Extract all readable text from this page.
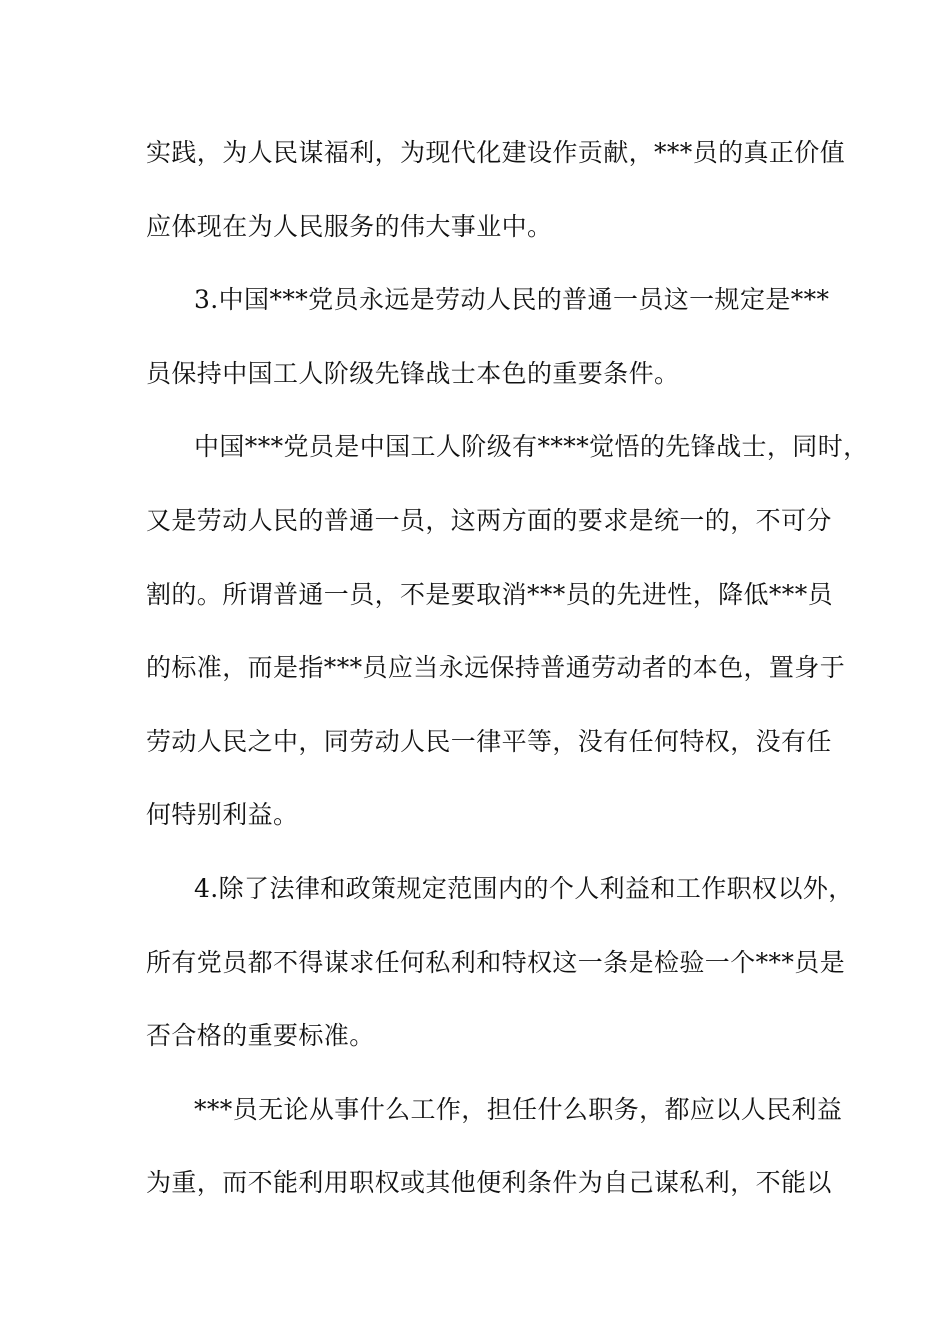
实践，为人民谋福利，为现代化建设作贡献，***员的真正价值
应体现在为人民服务的伟大事业中。
3.中国***党员永远是劳动人民的普通一员这一规定是***
员保持中国工人阶级先锋战士本色的重要条件。
中国***党员是中国工人阶级有****觉悟的先锋战士，同时，
又是劳动人民的普通一员，这两方面的要求是统一的，不可分
割的。所谓普通一员，不是要取消***员的先进性，降低***员
的标准，而是指***员应当永远保持普通劳动者的本色，置身于
劳动人民之中，同劳动人民一律平等，没有任何特权，没有任
何特别利益。
4.除了法律和政策规定范围内的个人利益和工作职权以外，
所有党员都不得谋求任何私利和特权这一条是检验一个***员是
否合格的重要标准。
***员无论从事什么工作，担任什么职务，都应以人民利益
为重，而不能利用职权或其他便利条件为自己谋私利，不能以
